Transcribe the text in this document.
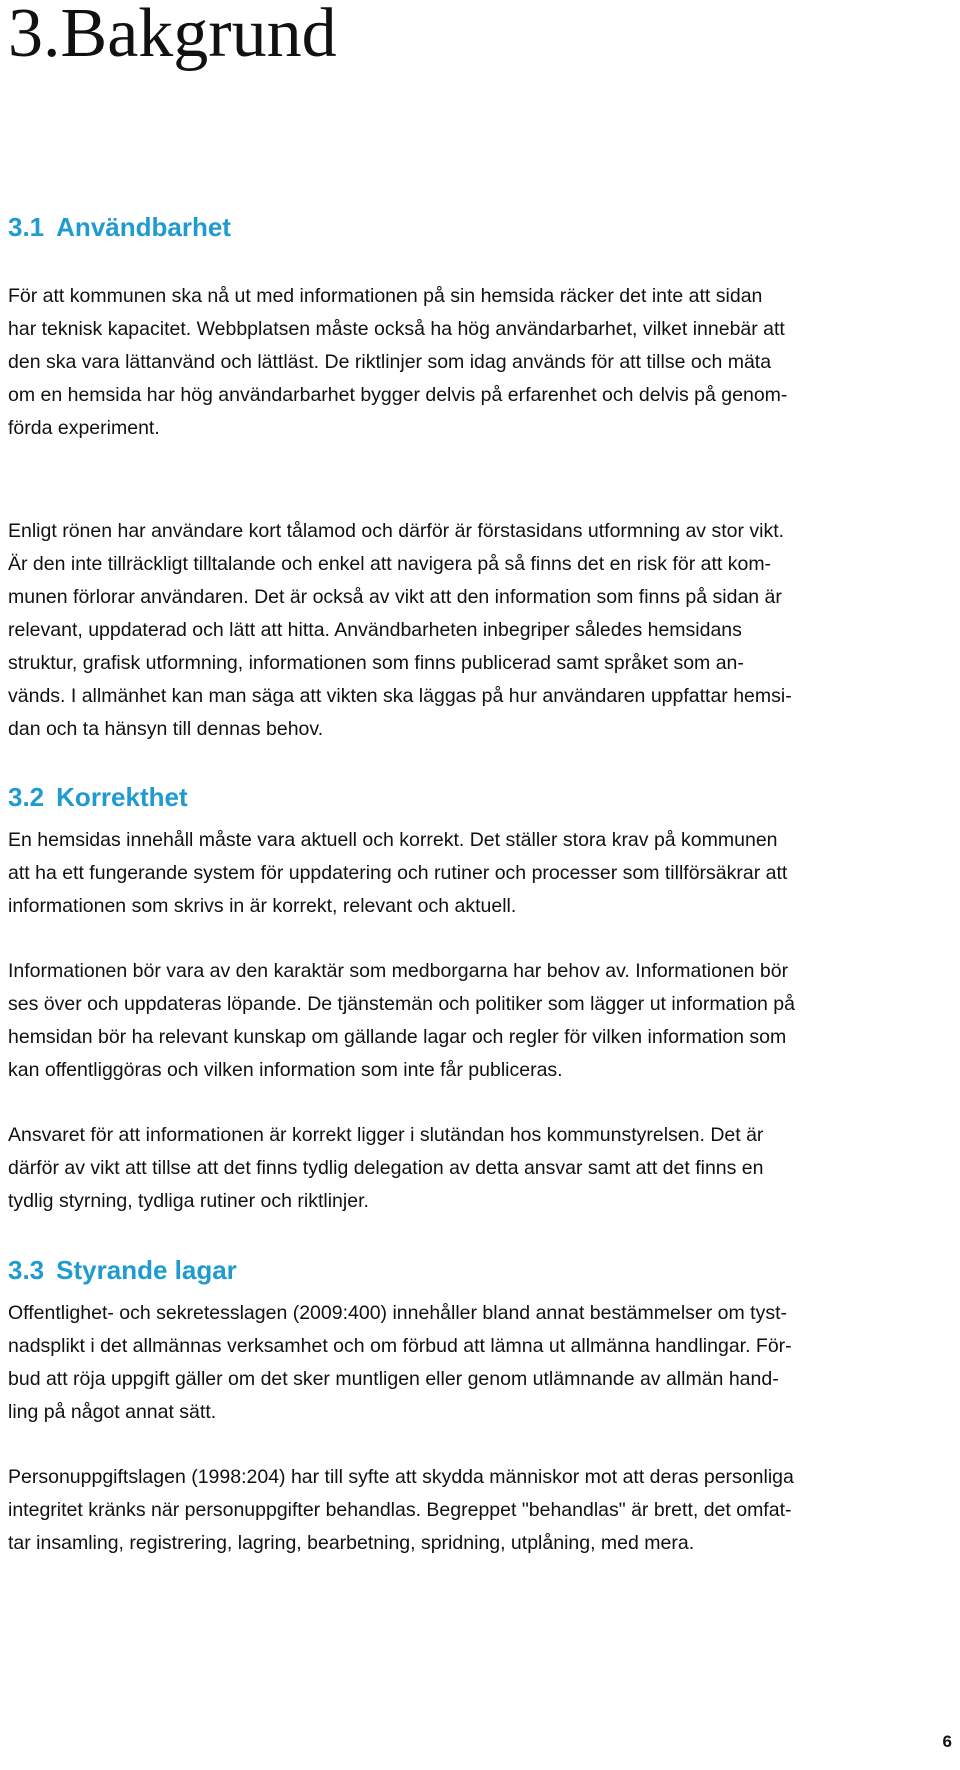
3.Bakgrund
3.1 Användbarhet

För att kommunen ska nå ut med informationen på sin hemsida räcker det inte att sidan
har teknisk kapacitet. Webbplatsen måste också ha hög användarbarhet, vilket innebär att
den ska vara lättanvänd och lättläst. De riktlinjer som idag används för att tillse och mäta
om en hemsida har hög användarbarhet bygger delvis på erfarenhet och delvis på genom-
förda experiment.

Enligt rönen har användare kort tålamod och därför är förstasidans utformning av stor vikt.
Är den inte tillräckligt tilltalande och enkel att navigera på så finns det en risk för att kom-
munen förlorar användaren. Det är också av vikt att den information som finns på sidan är
relevant, uppdaterad och lätt att hitta. Användbarheten inbegriper således hemsidans
struktur, grafisk utformning, informationen som finns publicerad samt språket som an-
vänds. I allmänhet kan man säga att vikten ska läggas på hur användaren uppfattar hemsi-
dan och ta hänsyn till dennas behov.

3.2 Korrekthet

En hemsidas innehåll måste vara aktuell och korrekt. Det ställer stora krav på kommunen
att ha ett fungerande system för uppdatering och rutiner och processer som tillförsäkrar att
informationen som skrivs in är korrekt, relevant och aktuell.

Informationen bör vara av den karaktär som medborgarna har behov av. Informationen bör
ses över och uppdateras löpande. De tjänstemän och politiker som lägger ut information på
hemsidan bör ha relevant kunskap om gällande lagar och regler för vilken information som
kan offentliggöras och vilken information som inte får publiceras.

Ansvaret för att informationen är korrekt ligger i slutändan hos kommunstyrelsen. Det är
därför av vikt att tillse att det finns tydlig delegation av detta ansvar samt att det finns en
tydlig styrning, tydliga rutiner och riktlinjer.

3.3 Styrande lagar

Offentlighet- och sekretesslagen (2009:400) innehåller bland annat bestämmelser om tyst-
nadsplikt i det allmännas verksamhet och om förbud att lämna ut allmänna handlingar. För-
bud att röja uppgift gäller om det sker muntligen eller genom utlämnande av allmän hand-
ling på något annat sätt.

Personuppgiftslagen (1998:204) har till syfte att skydda människor mot att deras personliga
integritet kränks när personuppgifter behandlas. Begreppet "behandlas" är brett, det omfat-
tar insamling, registrering, lagring, bearbetning, spridning, utplåning, med mera.

6
